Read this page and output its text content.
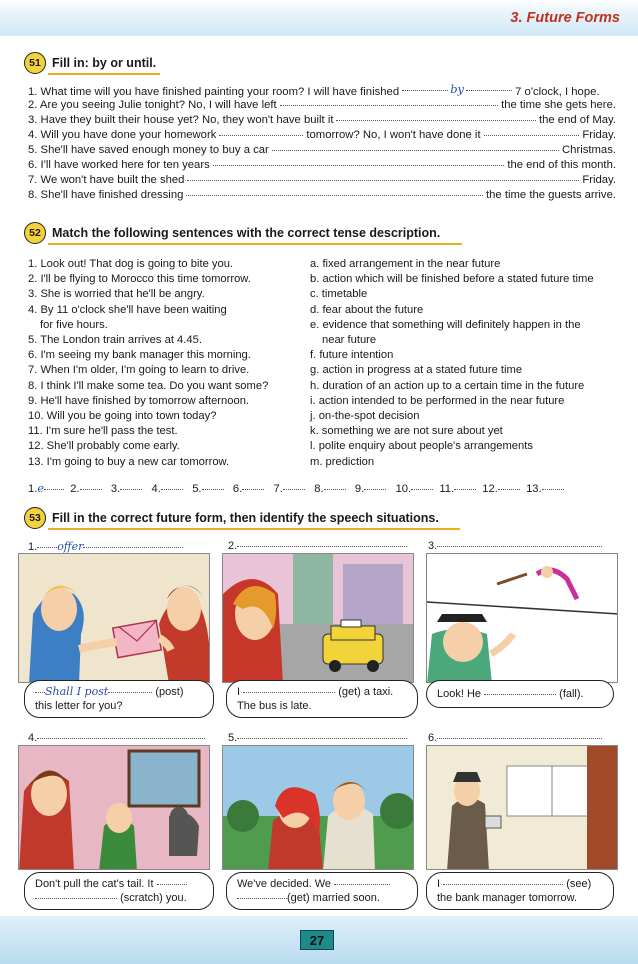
3. Future Forms
51 Fill in: by or until.
1. What time will you have finished painting your room? I will have finished	by	7 o'clock, I hope.
2. Are you seeing Julie tonight? No, I will have left	the time she gets here.
3. Have they built their house yet? No, they won't have built it	the end of May.
4. Will you have done your homework	tomorrow? No, I won't have done it	Friday.
5. She'll have saved enough money to buy a car	Christmas.
6. I'll have worked here for ten years	the end of this month.
7. We won't have built the shed	Friday.
8. She'll have finished dressing	the time the guests arrive.
52 Match the following sentences with the correct tense description.
1. Look out! That dog is going to bite you.
2. I'll be flying to Morocco this time tomorrow.
3. She is worried that he'll be angry.
4. By 11 o'clock she'll have been waiting
for five hours.
5. The London train arrives at 4.45.
6. I'm seeing my bank manager this morning.
7. When I'm older, I'm going to learn to drive.
8. I think I'll make some tea. Do you want some?
9. He'll have finished by tomorrow afternoon.
10. Will you be going into town today?
11. I'm sure he'll pass the test.
12. She'll probably come early.
13. I'm going to buy a new car tomorrow.
a. fixed arrangement in the near future
b. action which will be finished before a stated future time
c. timetable
d. fear about the future
e. evidence that something will definitely happen in the
near future
f. future intention
g. action in progress at a stated future time
h. duration of an action up to a certain time in the future
i. action intended to be performed in the near future
j. on-the-spot decision
k. something we are not sure about yet
l. polite enquiry about people's arrangements
m. prediction
1.e 2.	3.	4.	5.	6.	7.	8.	9.	10.	11.	12.	13.
53 Fill in the correct future form, then identify the speech situations.
1. offer	2.	3.
Shall I post	(post)
this letter for you?
I	(get) a taxi.
The bus is late.
Look! He	(fall).
4.	5.	6.
Don't pull the cat's tail. It
(scratch) you.
We've decided. We
(get) married soon.
I	(see)
the bank manager tomorrow.
27
